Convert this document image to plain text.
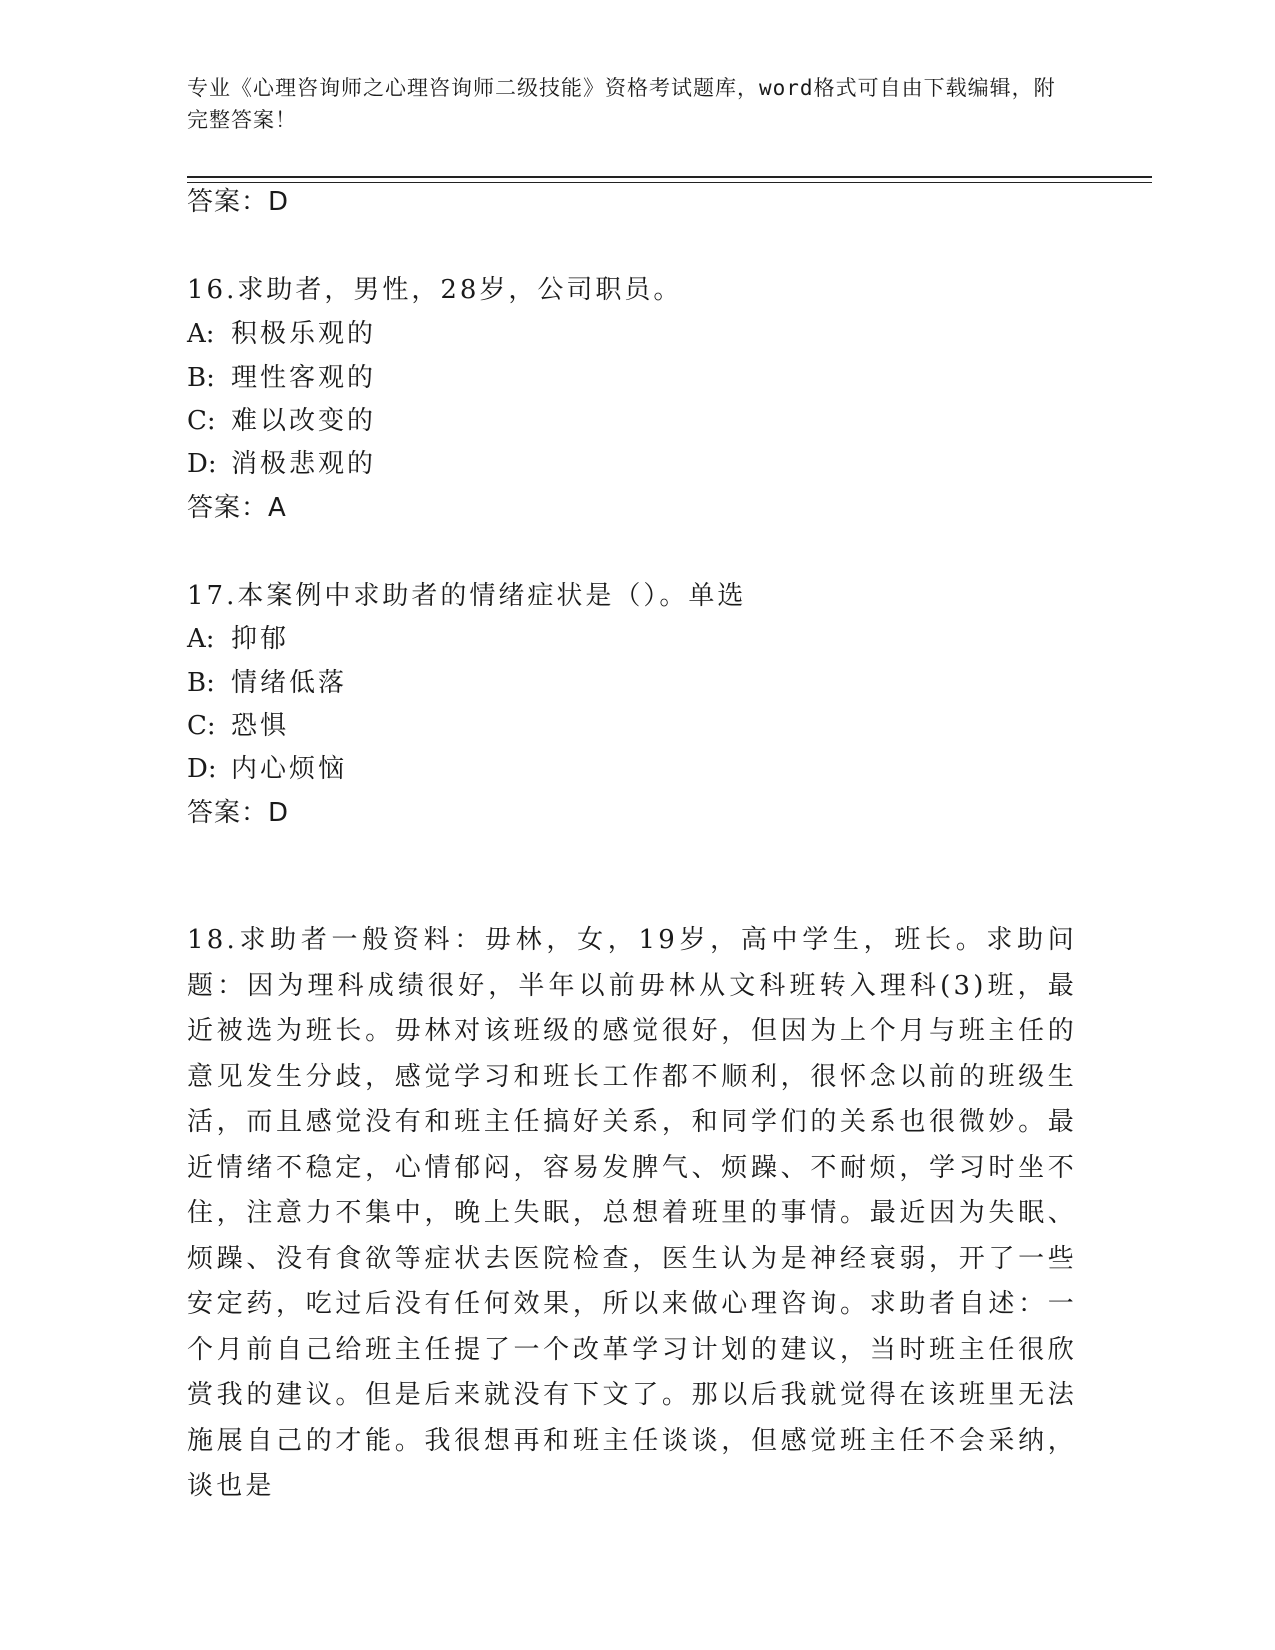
专业《心理咨询师之心理咨询师二级技能》资格考试题库，word格式可自由下载编辑，附完整答案！
答案：D
16.求助者，男性，28岁，公司职员。
A: 积极乐观的
B: 理性客观的
C: 难以改变的
D: 消极悲观的
答案：A
17.本案例中求助者的情绪症状是（）。单选
A: 抑郁
B: 情绪低落
C: 恐惧
D: 内心烦恼
答案：D
18.求助者一般资料：毋林，女，19岁，高中学生，班长。求助问题：因为理科成绩很好，半年以前毋林从文科班转入理科(3)班，最近被选为班长。毋林对该班级的感觉很好，但因为上个月与班主任的意见发生分歧，感觉学习和班长工作都不顺利，很怀念以前的班级生活，而且感觉没有和班主任搞好关系，和同学们的关系也很微妙。最近情绪不稳定，心情郁闷，容易发脾气、烦躁、不耐烦，学习时坐不住，注意力不集中，晚上失眠，总想着班里的事情。最近因为失眠、烦躁、没有食欲等症状去医院检查，医生认为是神经衰弱，开了一些安定药，吃过后没有任何效果，所以来做心理咨询。求助者自述：一个月前自己给班主任提了一个改革学习计划的建议，当时班主任很欣赏我的建议。但是后来就没有下文了。那以后我就觉得在该班里无法施展自己的才能。我很想再和班主任谈谈，但感觉班主任不会采纳，谈也是
